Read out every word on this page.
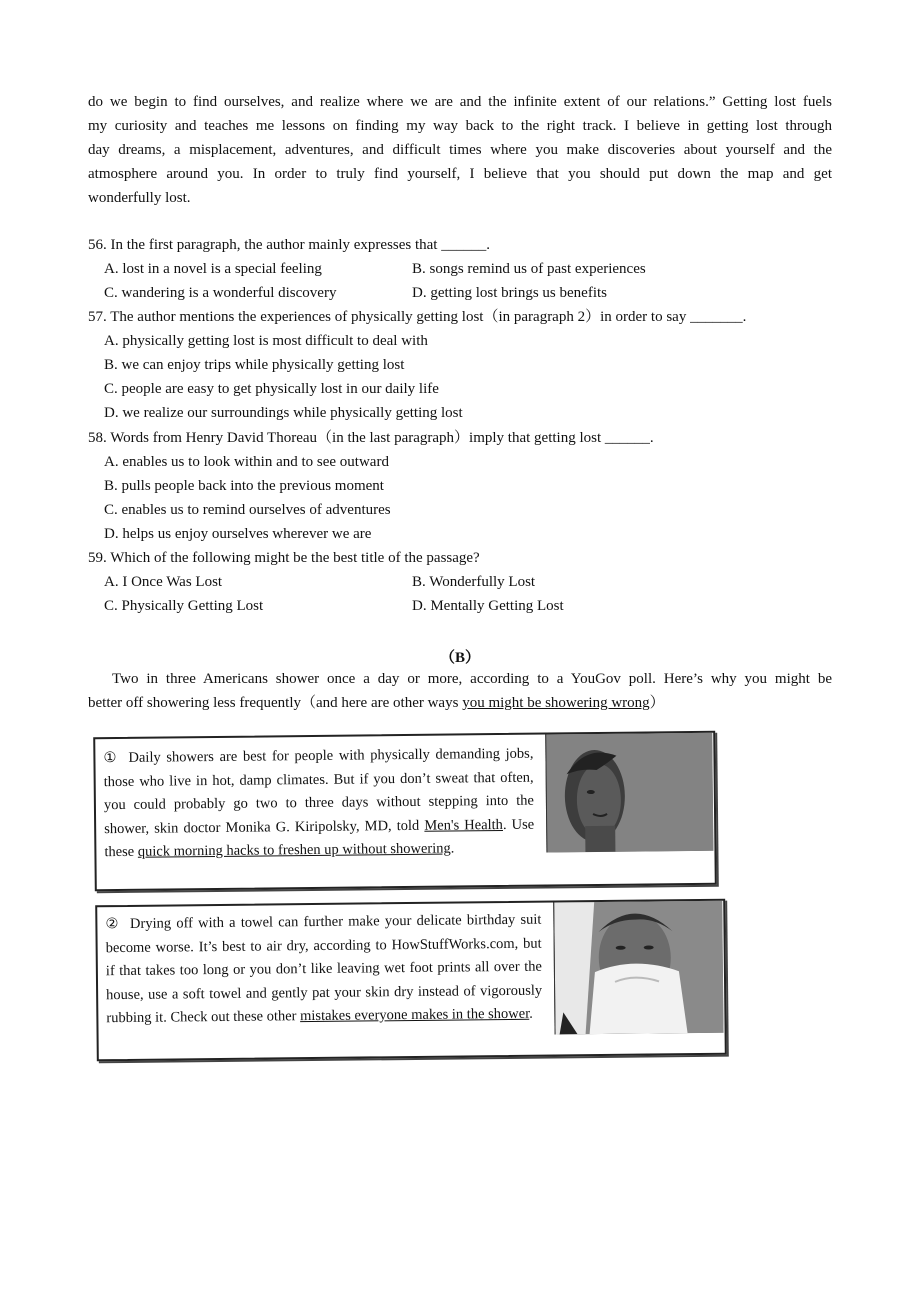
do we begin to find ourselves, and realize where we are and the infinite extent of our relations.” Getting lost fuels
my curiosity and teaches me lessons on finding my way back to the right track. I believe in getting lost through
day dreams, a misplacement, adventures, and difficult times where you make discoveries about yourself and the
atmosphere around you. In order to truly find yourself, I believe that you should put down the map and get
wonderfully lost.
56. In the first paragraph, the author mainly expresses that ______.
A. lost in a novel is a special feeling	B. songs remind us of past experiences
C. wandering is a wonderful discovery	D. getting lost brings us benefits
57. The author mentions the experiences of physically getting lost（in paragraph 2）in order to say _______.
A. physically getting lost is most difficult to deal with
B. we can enjoy trips while physically getting lost
C. people are easy to get physically lost in our daily life
D. we realize our surroundings while physically getting lost
58. Words from Henry David Thoreau（in the last paragraph）imply that getting lost ______.
A. enables us to look within and to see outward
B. pulls people back into the previous moment
C. enables us to remind ourselves of adventures
D. helps us enjoy ourselves wherever we are
59. Which of the following might be the best title of the passage?
A. I Once Was Lost	B. Wonderfully Lost
C. Physically Getting Lost	D. Mentally Getting Lost
（B）
Two in three Americans shower once a day or more, according to a YouGov poll. Here’s why you might be
better off showering less frequently（and here are other ways you might be showering wrong）
① Daily showers are best for people with physically demanding jobs, those who live in hot, damp climates. But if you don’t sweat that often, you could probably go two to three days without stepping into the shower, skin doctor Monika G. Kiripolsky, MD, told Men's Health. Use these quick morning hacks to freshen up without showering.
② Drying off with a towel can further make your delicate birthday suit become worse. It’s best to air dry, according to HowStuffWorks.com, but if that takes too long or you don’t like leaving wet foot prints all over the house, use a soft towel and gently pat your skin dry instead of vigorously rubbing it. Check out these other mistakes everyone makes in the shower.
